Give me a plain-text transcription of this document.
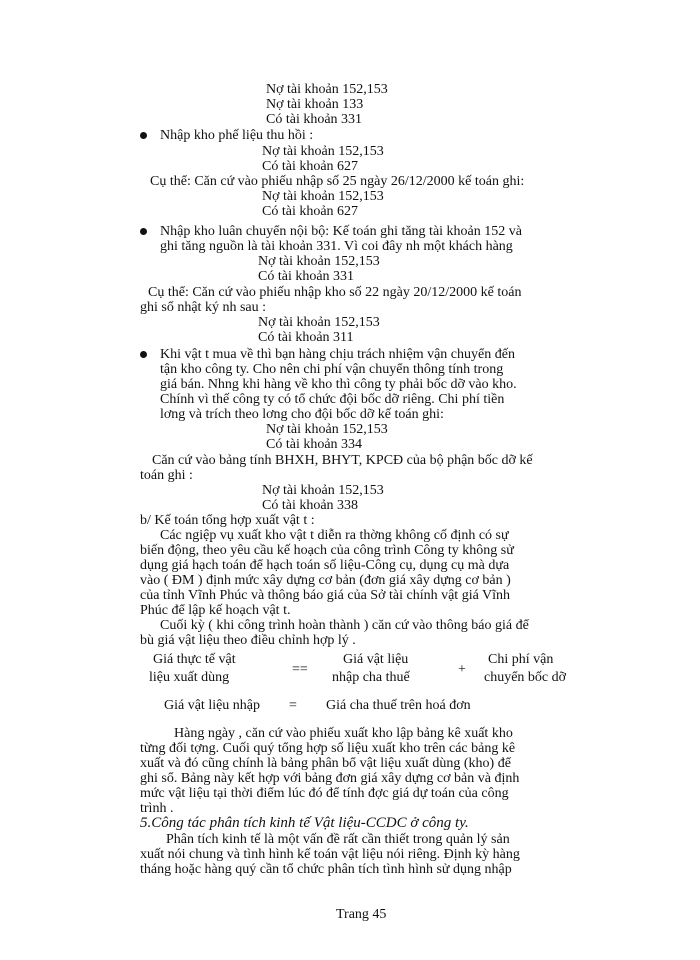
Nợ tài khoản 152,153
Nợ tài khoản 133
Có tài khoản 331
Nhập kho phế liệu thu hồi :
Nợ tài khoản 152,153
Có tài khoản 627
Cụ thể: Căn cứ vào phiếu nhập số 25 ngày 26/12/2000 kế toán ghi:
Nợ tài khoản 152,153
Có tài khoản 627
Nhập kho luân chuyển nội bộ: Kế toán ghi tăng tài khoản 152 và
ghi tăng nguồn là tài khoản 331. Vì coi đây nh một khách hàng
Nợ tài khoản 152,153
Có tài khoản 331
Cụ thể: Căn cứ vào phiếu nhập kho số 22 ngày 20/12/2000 kế toán
ghi sổ nhật ký nh sau :
Nợ tài khoản 152,153
Có tài khoản 311
Khi vật t mua về thì bạn hàng chịu trách nhiệm vận chuyển đến
tận kho công ty. Cho nên chi phí vận chuyển thông tính trong
giá bán. Nhng khi hàng về kho thì công ty phải bốc dỡ vào kho.
Chính vì thế công ty có tổ chức đội bốc dỡ riêng. Chi phí tiền
lơng và trích theo lơng cho đội bốc dỡ kế toán ghi:
Nợ tài khoản 152,153
Có tài khoản 334
Căn cứ vào bảng tính BHXH, BHYT, KPCĐ của bộ phận bốc dỡ kế
toán ghi :
Nợ tài khoản 152,153
Có tài khoản 338
b/ Kế toán tổng hợp xuất vật t :
Các ngiệp vụ xuất kho vật t diễn ra thờng không cố định có sự
biến động, theo yêu cầu kế hoạch của công trình Công ty không sử
dụng giá hạch toán để hạch toán số liệu-Công cụ, dụng cụ mà dựa
vào ( ĐM ) định mức xây dựng cơ bản (đơn giá xây dựng cơ bản )
của tỉnh Vĩnh Phúc và thông báo giá của Sở tài chính vật giá Vĩnh
Phúc để lập kế hoạch vật t.
Cuối kỳ ( khi công trình hoàn thành ) căn cứ vào thông báo giá để
bù giá vật liệu theo điều chỉnh hợp lý .
Giá thực tế vật
liệu xuất dùng
==
Giá vật liệu
nhập cha thuế
+
Chi phí vận
chuyển bốc dỡ
Giá vật liệu nhập = Giá cha thuế trên hoá đơn
Hàng ngày , căn cứ vào phiếu xuất kho lập bảng kê xuất kho
từng đối tợng. Cuối quý tổng hợp số liệu xuất kho trên các bảng kê
xuất và đó cũng chính là bảng phân bổ vật liệu xuất dùng (kho) để
ghi sổ. Bảng này kết hợp với bảng đơn giá xây dựng cơ bản và định
mức vật liệu tại thời điểm lúc đó để tính đợc giá dự toán của công
trình .
5.Công tác phân tích kinh tế Vật liệu-CCDC ở công ty.
Phân tích kinh tế là một vấn đề rất cần thiết trong quản lý sản
xuất nói chung và tình hình kế toán vật liệu nói riêng. Định kỳ hàng
tháng hoặc hàng quý cần tổ chức phân tích tình hình sử dụng nhập
Trang 45
